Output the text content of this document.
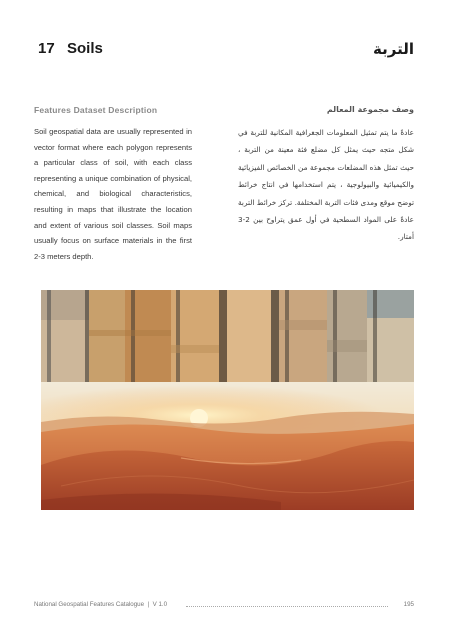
17 Soils	التربة
Features Dataset Description	وصف مجموعة المعالم

Soil geospatial data are usually represented in vector format where each polygon represents a particular class of soil, with each class representing a unique combination of physical, chemical, and biological characteristics, resulting in maps that illustrate the location and extent of various soil classes. Soil maps usually focus on surface materials in the first 2-3 meters depth.

عادةً ما يتم تمثيل المعلومات الجغرافية المكانية للتربة في شكل متجه حيث يمثل كل مضلع فئة معينة من التربة ، حيث تمثل هذه المضلعات مجموعة من الخصائص الفيزيائية والكيميائية والبيولوجية ، يتم استخدامها في انتاج خرائط توضح موقع ومدى فئات التربة المختلفة. تركز خرائط التربة عادةً على المواد السطحية في أول عمق يتراوح بين 2-3 أمتار.

National Geospatial Features Catalogue | V 1.0	195
